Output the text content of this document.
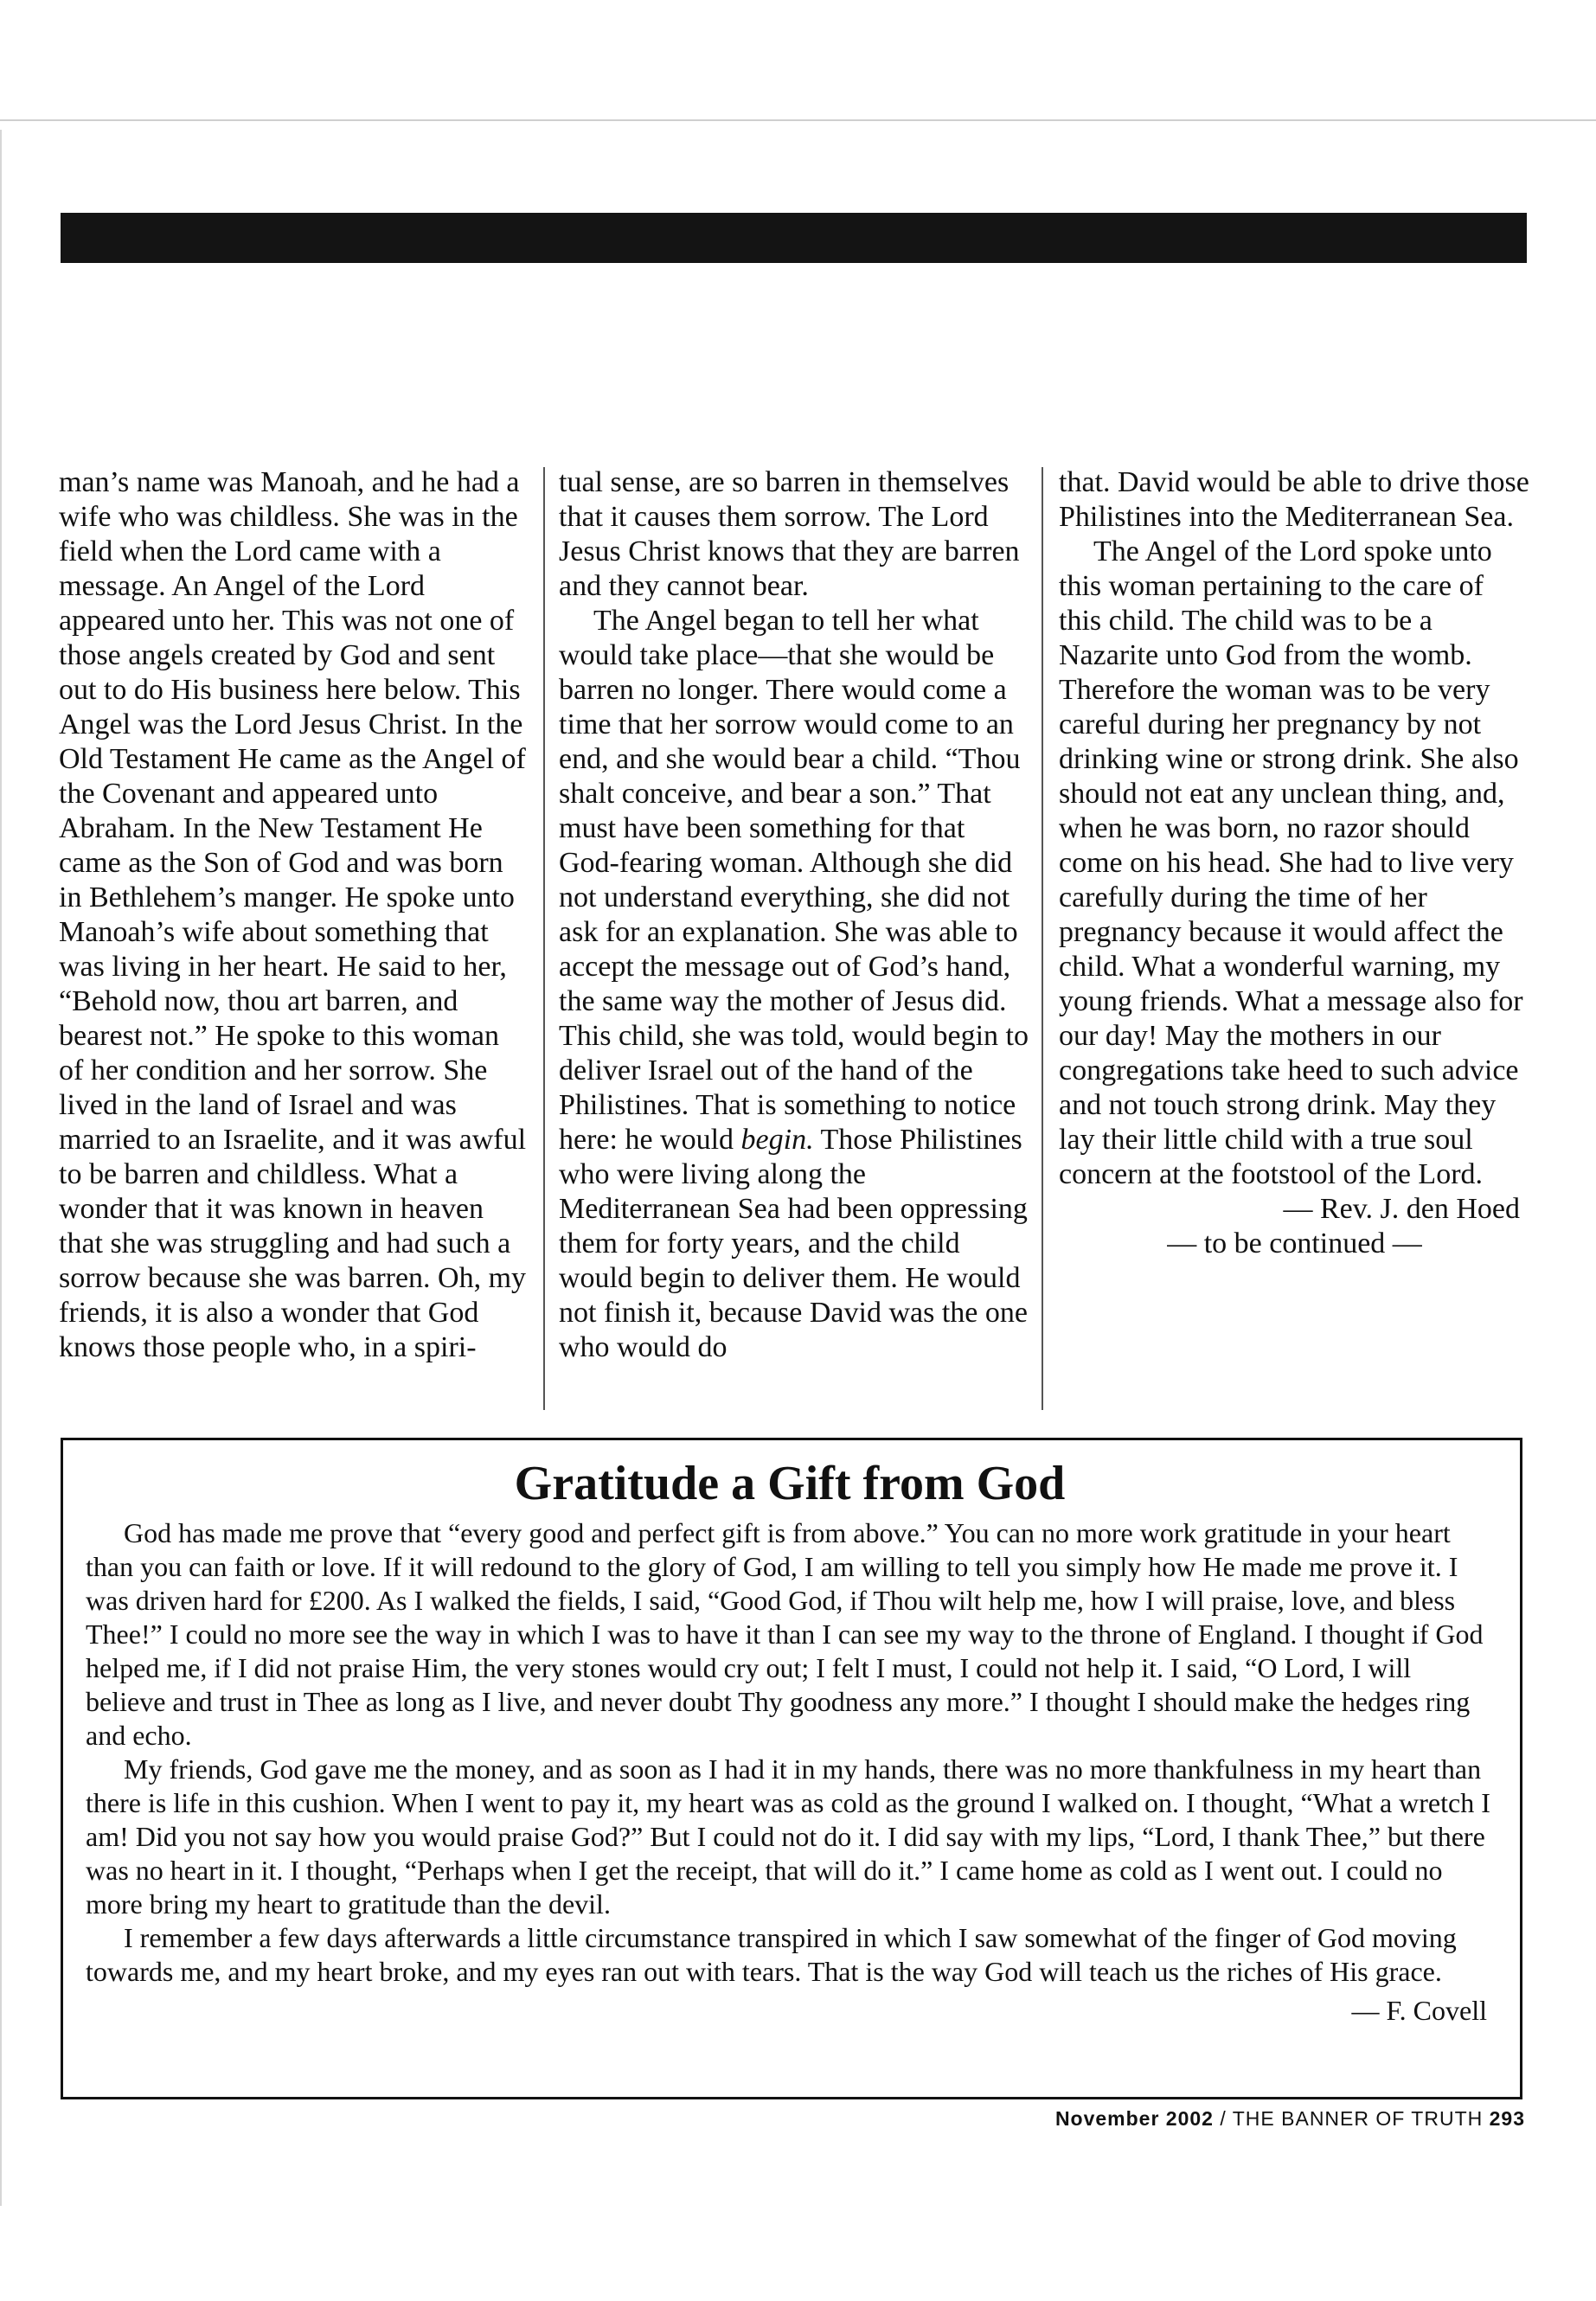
man’s name was Manoah, and he had a wife who was childless. She was in the field when the Lord came with a message. An Angel of the Lord appeared unto her. This was not one of those angels created by God and sent out to do His business here below. This Angel was the Lord Jesus Christ. In the Old Testament He came as the Angel of the Covenant and appeared unto Abraham. In the New Testament He came as the Son of God and was born in Bethlehem’s manger. He spoke unto Manoah’s wife about something that was living in her heart. He said to her, “Behold now, thou art barren, and bearest not.” He spoke to this woman of her condition and her sorrow. She lived in the land of Israel and was married to an Israelite, and it was awful to be barren and childless. What a wonder that it was known in heaven that she was struggling and had such a sorrow because she was barren. Oh, my friends, it is also a wonder that God knows those people who, in a spiri-

tual sense, are so barren in themselves that it causes them sorrow. The Lord Jesus Christ knows that they are barren and they cannot bear.

The Angel began to tell her what would take place—that she would be barren no longer. There would come a time that her sorrow would come to an end, and she would bear a child. “Thou shalt conceive, and bear a son.” That must have been something for that God-fearing woman. Although she did not understand everything, she did not ask for an explanation. She was able to accept the message out of God’s hand, the same way the mother of Jesus did. This child, she was told, would begin to deliver Israel out of the hand of the Philistines. That is something to notice here: he would begin. Those Philistines who were living along the Mediterranean Sea had been oppressing them for forty years, and the child would begin to deliver them. He would not finish it, because David was the one who would do

that. David would be able to drive those Philistines into the Mediterranean Sea.

The Angel of the Lord spoke unto this woman pertaining to the care of this child. The child was to be a Nazarite unto God from the womb. Therefore the woman was to be very careful during her pregnancy by not drinking wine or strong drink. She also should not eat any unclean thing, and, when he was born, no razor should come on his head. She had to live very carefully during the time of her pregnancy because it would affect the child. What a wonderful warning, my young friends. What a message also for our day! May the mothers in our congregations take heed to such advice and not touch strong drink. May they lay their little child with a true soul concern at the footstool of the Lord.

— Rev. J. den Hoed

— to be continued —

Gratitude a Gift from God

God has made me prove that “every good and perfect gift is from above.” You can no more work gratitude in your heart than you can faith or love. If it will redound to the glory of God, I am willing to tell you simply how He made me prove it. I was driven hard for £200. As I walked the fields, I said, “Good God, if Thou wilt help me, how I will praise, love, and bless Thee!” I could no more see the way in which I was to have it than I can see my way to the throne of England. I thought if God helped me, if I did not praise Him, the very stones would cry out; I felt I must, I could not help it. I said, “O Lord, I will believe and trust in Thee as long as I live, and never doubt Thy goodness any more.” I thought I should make the hedges ring and echo.

My friends, God gave me the money, and as soon as I had it in my hands, there was no more thankfulness in my heart than there is life in this cushion. When I went to pay it, my heart was as cold as the ground I walked on. I thought, “What a wretch I am! Did you not say how you would praise God?” But I could not do it. I did say with my lips, “Lord, I thank Thee,” but there was no heart in it. I thought, “Perhaps when I get the receipt, that will do it.” I came home as cold as I went out. I could no more bring my heart to gratitude than the devil.

I remember a few days afterwards a little circumstance transpired in which I saw somewhat of the finger of God moving towards me, and my heart broke, and my eyes ran out with tears. That is the way God will teach us the riches of His grace.

— F. Covell

November 2002 / THE BANNER OF TRUTH 293
